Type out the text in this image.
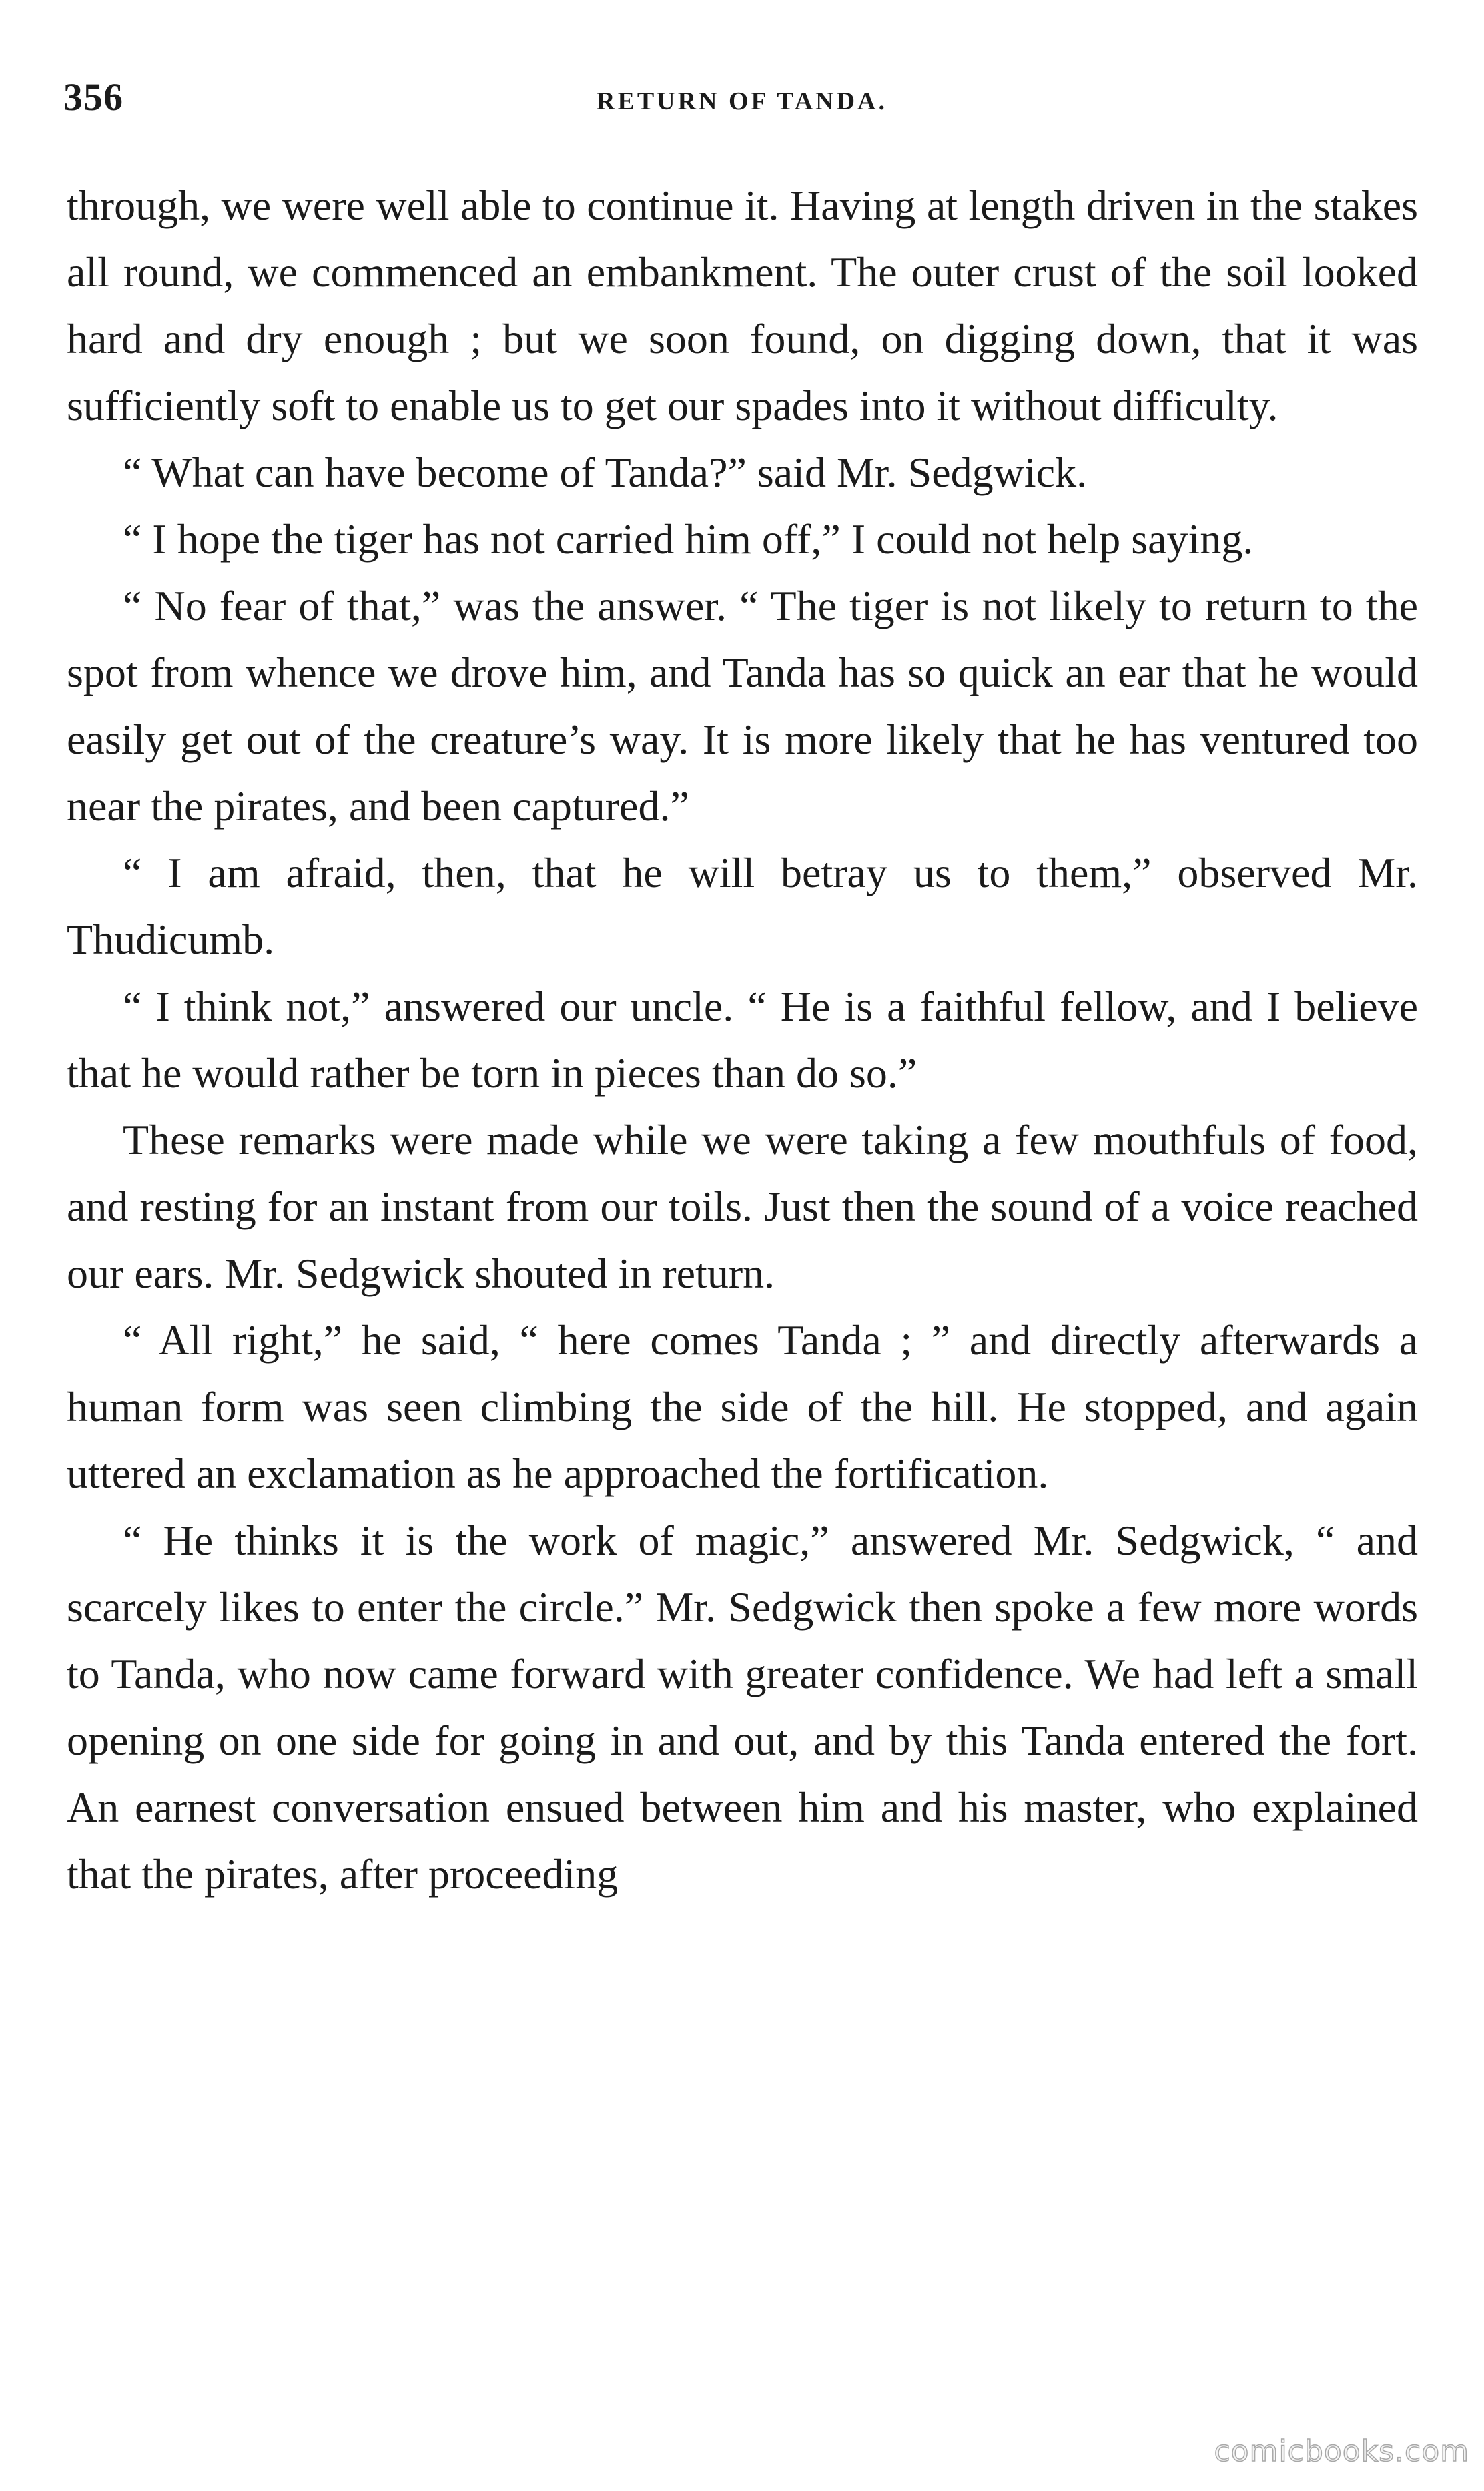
356	RETURN OF TANDA.

through, we were well able to continue it. Having at length driven in the stakes all round, we commenced an embankment. The outer crust of the soil looked hard and dry enough ; but we soon found, on digging down, that it was sufficiently soft to enable us to get our spades into it without difficulty.

“ What can have become of Tanda?” said Mr. Sedgwick.

“ I hope the tiger has not carried him off,” I could not help saying.

“ No fear of that,” was the answer. “ The tiger is not likely to return to the spot from whence we drove him, and Tanda has so quick an ear that he would easily get out of the creature’s way. It is more likely that he has ventured too near the pirates, and been captured.”

“ I am afraid, then, that he will betray us to them,” observed Mr. Thudicumb.

“ I think not,” answered our uncle. “ He is a faithful fellow, and I believe that he would rather be torn in pieces than do so.”

These remarks were made while we were taking a few mouthfuls of food, and resting for an instant from our toils. Just then the sound of a voice reached our ears. Mr. Sedgwick shouted in return.

“ All right,” he said, “ here comes Tanda ; ” and directly afterwards a human form was seen climbing the side of the hill. He stopped, and again uttered an exclamation as he approached the fortification.

“ He thinks it is the work of magic,” answered Mr. Sedgwick, “ and scarcely likes to enter the circle.” Mr. Sedgwick then spoke a few more words to Tanda, who now came forward with greater confidence. We had left a small opening on one side for going in and out, and by this Tanda entered the fort. An earnest conversation ensued between him and his master, who explained that the pirates, after proceeding

comicbooks.com
